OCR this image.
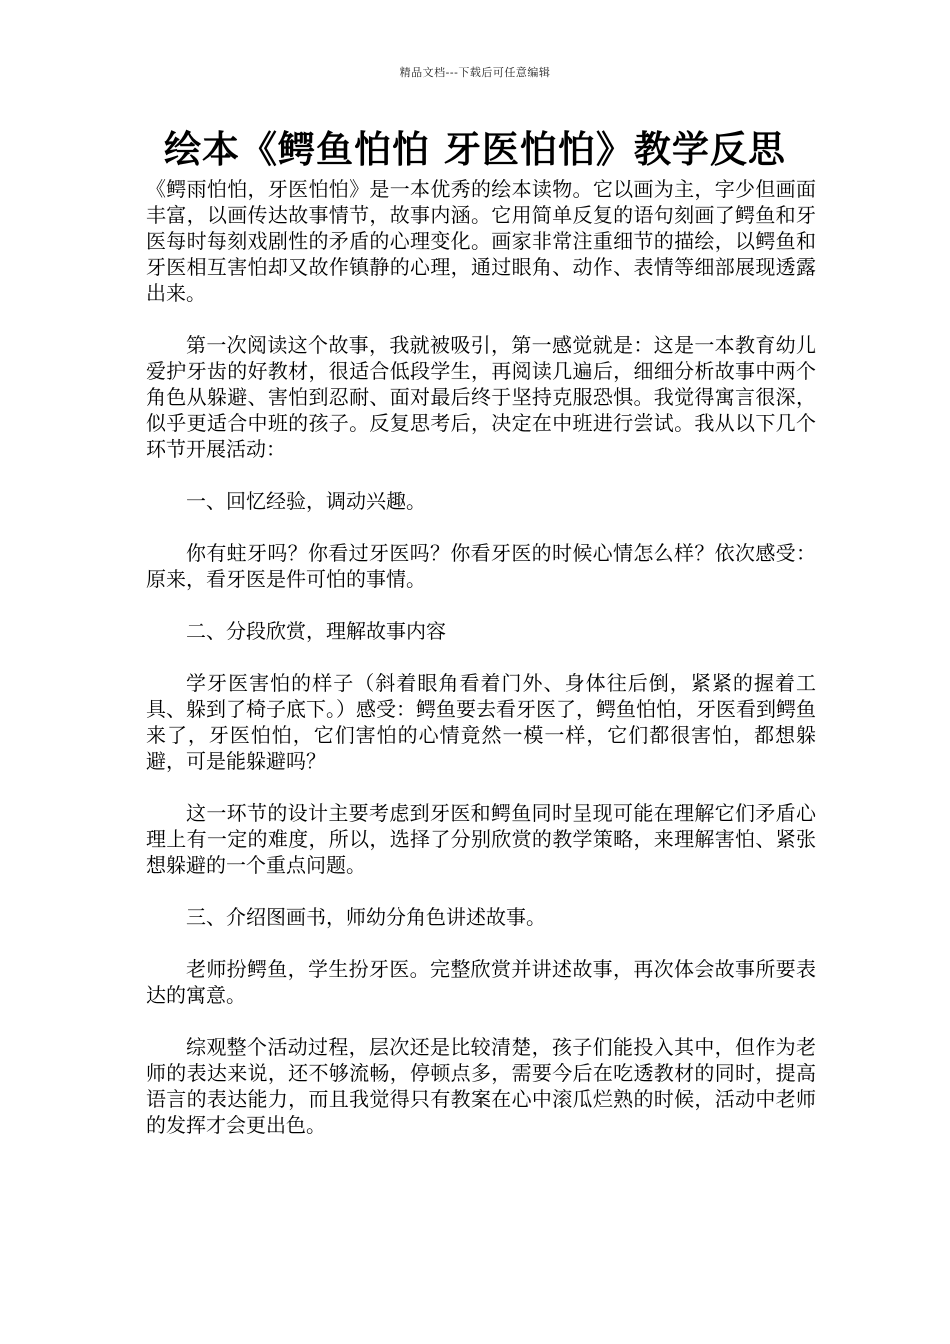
精品文档---下载后可任意编辑
绘本《鳄鱼怕怕 牙医怕怕》教学反思

《鳄雨怕怕，牙医怕怕》是一本优秀的绘本读物。它以画为主，字少但画面丰富，以画传达故事情节，故事内涵。它用简单反复的语句刻画了鳄鱼和牙医每时每刻戏剧性的矛盾的心理变化。画家非常注重细节的描绘，以鳄鱼和牙医相互害怕却又故作镇静的心理，通过眼角、动作、表情等细部展现透露出来。

第一次阅读这个故事，我就被吸引，第一感觉就是：这是一本教育幼儿爱护牙齿的好教材，很适合低段学生，再阅读几遍后，细细分析故事中两个角色从躲避、害怕到忍耐、面对最后终于坚持克服恐惧。我觉得寓言很深，似乎更适合中班的孩子。反复思考后，决定在中班进行尝试。我从以下几个环节开展活动：

一、回忆经验，调动兴趣。

你有蛀牙吗？你看过牙医吗？你看牙医的时候心情怎么样？依次感受：原来，看牙医是件可怕的事情。

二、分段欣赏，理解故事内容

学牙医害怕的样子（斜着眼角看着门外、身体往后倒，紧紧的握着工具、躲到了椅子底下。）感受：鳄鱼要去看牙医了，鳄鱼怕怕，牙医看到鳄鱼来了，牙医怕怕，它们害怕的心情竟然一模一样，它们都很害怕，都想躲避，可是能躲避吗？

这一环节的设计主要考虑到牙医和鳄鱼同时呈现可能在理解它们矛盾心理上有一定的难度，所以，选择了分别欣赏的教学策略，来理解害怕、紧张想躲避的一个重点问题。

三、介绍图画书，师幼分角色讲述故事。

老师扮鳄鱼，学生扮牙医。完整欣赏并讲述故事，再次体会故事所要表达的寓意。

综观整个活动过程，层次还是比较清楚，孩子们能投入其中，但作为老师的表达来说，还不够流畅，停顿点多，需要今后在吃透教材的同时，提高语言的表达能力，而且我觉得只有教案在心中滚瓜烂熟的时候，活动中老师的发挥才会更出色。
